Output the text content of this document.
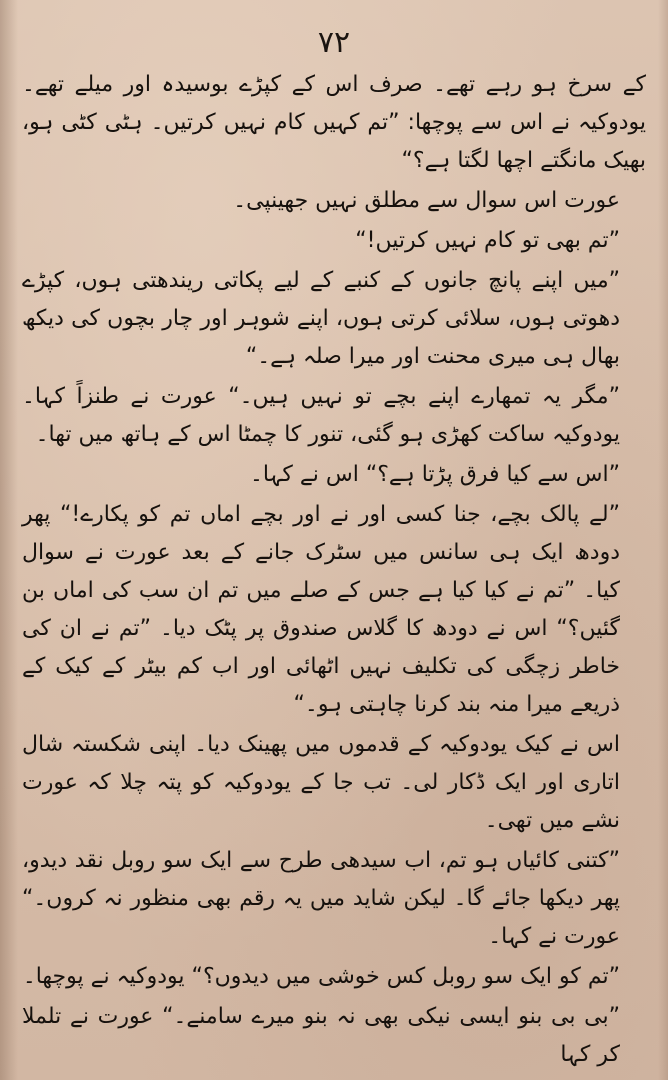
۷۲

کے سرخ ہو رہے تھے۔ صرف اس کے کپڑے بوسیدہ اور میلے تھے۔ یودوکیہ نے اس سے پوچھا: ”تم کہیں کام نہیں کرتیں۔ ہٹی کٹی ہو، بھیک مانگتے اچھا لگتا ہے؟“

عورت اس سوال سے مطلق نہیں جھینپی۔

”تم بھی تو کام نہیں کرتیں!“

”میں اپنے پانچ جانوں کے کنبے کے لیے پکاتی ریندھتی ہوں، کپڑے دھوتی ہوں، سلائی کرتی ہوں، اپنے شوہر اور چار بچوں کی دیکھ بھال ہی میری محنت اور میرا صلہ ہے۔“

”مگر یہ تمھارے اپنے بچے تو نہیں ہیں۔“ عورت نے طنزاً کہا۔ یودوکیہ ساکت کھڑی ہو گئی، تنور کا چمٹا اس کے ہاتھ میں تھا۔

”اس سے کیا فرق پڑتا ہے؟“ اس نے کہا۔

”لے پالک بچے، جنا کسی اور نے اور بچے اماں تم کو پکارے!“ پھر دودھ ایک ہی سانس میں سٹرک جانے کے بعد عورت نے سوال کیا۔ ”تم نے کیا کیا ہے جس کے صلے میں تم ان سب کی اماں بن گئیں؟“ اس نے دودھ کا گلاس صندوق پر پٹک دیا۔ ”تم نے ان کی خاطر زچگی کی تکلیف نہیں اٹھائی اور اب کم بیٹر کے کیک کے ذریعے میرا منہ بند کرنا چاہتی ہو۔“

اس نے کیک یودوکیہ کے قدموں میں پھینک دیا۔ اپنی شکستہ شال اتاری اور ایک ڈکار لی۔ تب جا کے یودوکیہ کو پتہ چلا کہ عورت نشے میں تھی۔

”کتنی کائیاں ہو تم، اب سیدھی طرح سے ایک سو روبل نقد دیدو، پھر دیکھا جائے گا۔ لیکن شاید میں یہ رقم بھی منظور نہ کروں۔“ عورت نے کہا۔

”تم کو ایک سو روبل کس خوشی میں دیدوں؟“ یودوکیہ نے پوچھا۔

”بی بی بنو ایسی نیکی بھی نہ بنو میرے سامنے۔“ عورت نے تلملا کر کہا
